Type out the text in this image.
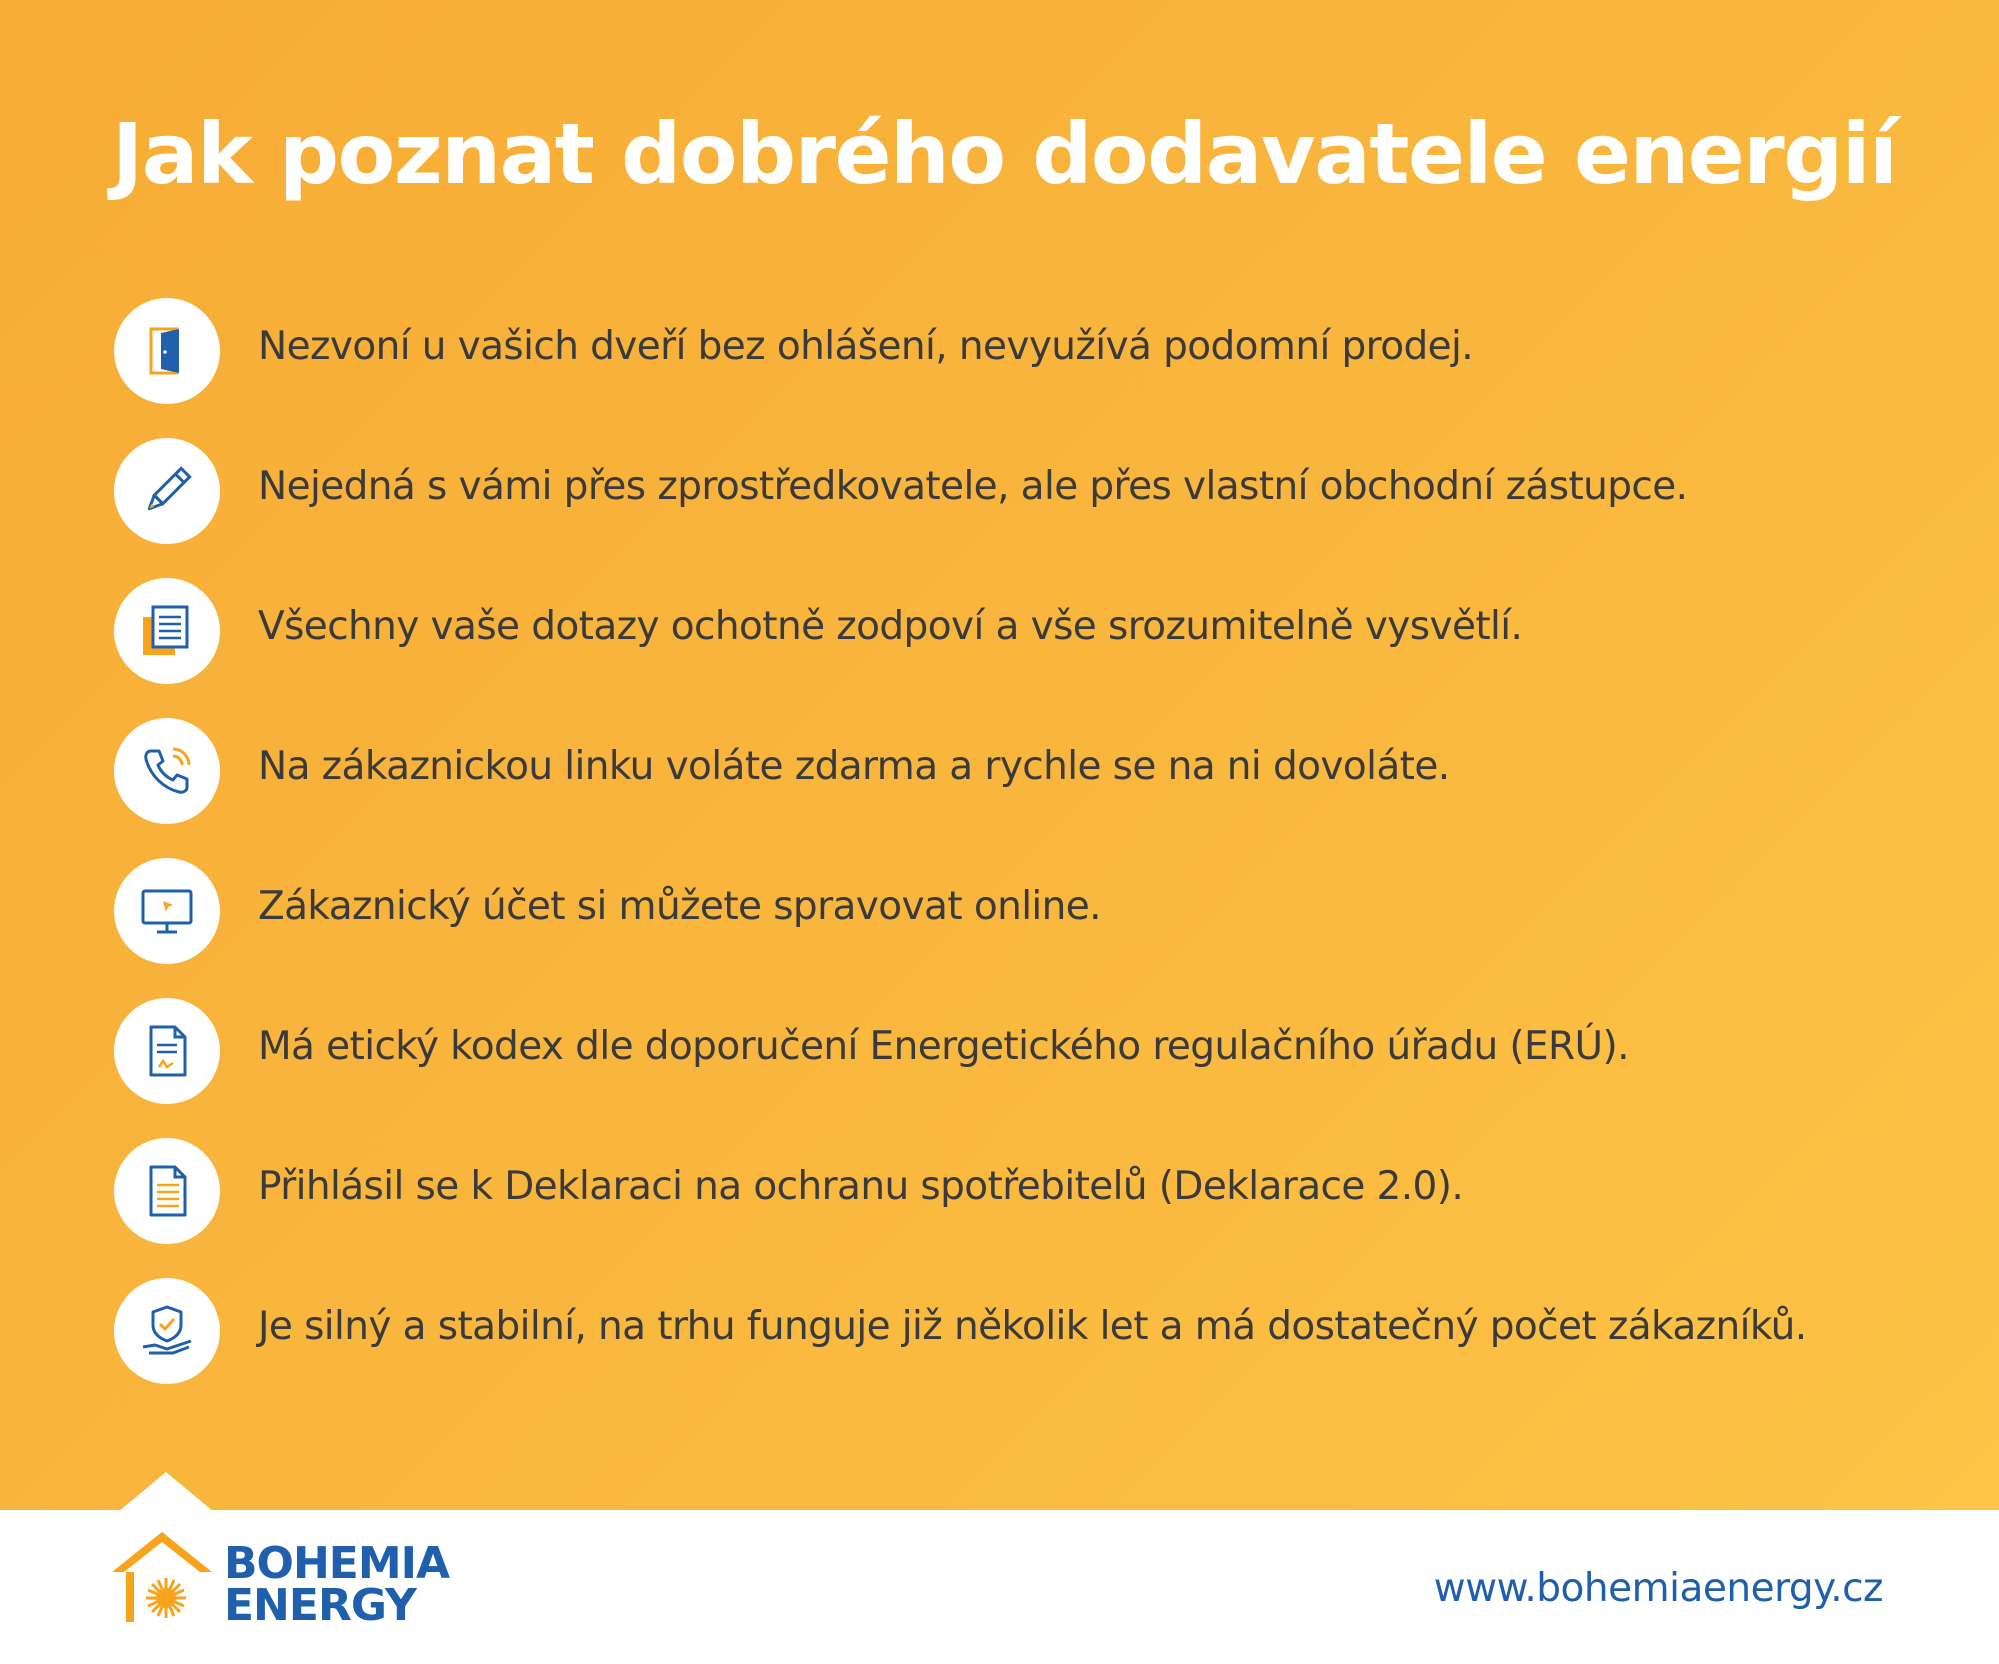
Jak poznat dobrého dodavatele energií
Nezvoní u vašich dveří bez ohlášení, nevyužívá podomní prodej.
Nejedná s vámi přes zprostředkovatele, ale přes vlastní obchodní zástupce.
Všechny vaše dotazy ochotně zodpoví a vše srozumitelně vysvětlí.
Na zákaznickou linku voláte zdarma a rychle se na ni dovoláte.
Zákaznický účet si můžete spravovat online.
Má etický kodex dle doporučení Energetického regulačního úřadu (ERÚ).
Přihlásil se k Deklaraci na ochranu spotřebitelů (Deklarace 2.0).
Je silný a stabilní, na trhu funguje již několik let a má dostatečný počet zákazníků.
BOHEMIA
ENERGY	www.bohemiaenergy.cz
